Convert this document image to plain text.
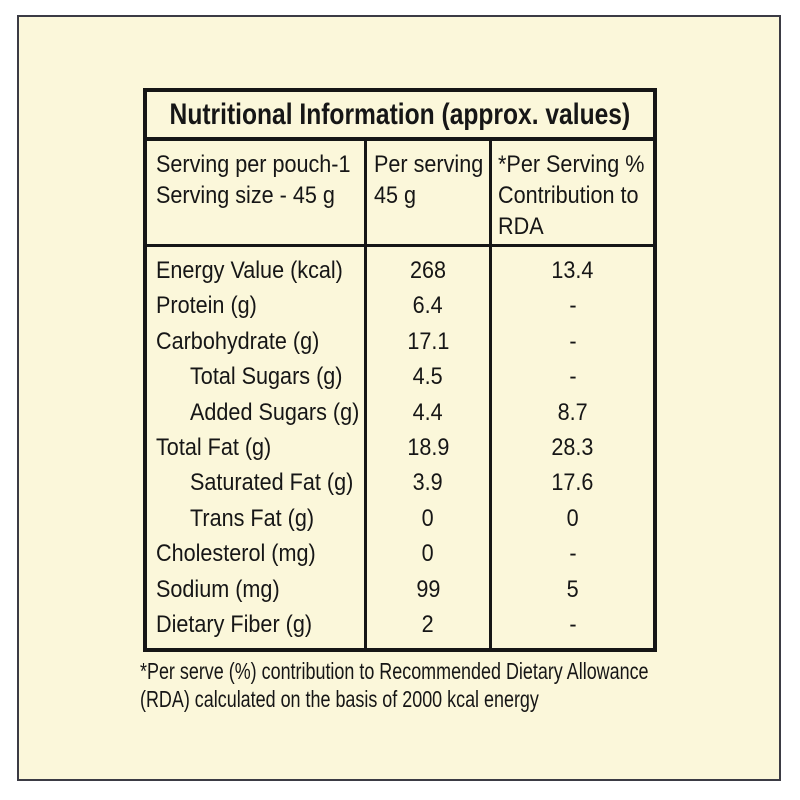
Nutritional Information (approx. values)
Serving per pouch-1
Serving size - 45 g
Per serving
45 g
*Per Serving %
Contribution to
RDA
Energy Value (kcal)
Protein (g)
Carbohydrate (g)
Total Sugars (g)
Added Sugars (g)
Total Fat (g)
Saturated Fat (g)
Trans Fat (g)
Cholesterol (mg)
Sodium (mg)
Dietary Fiber (g)
268
6.4
17.1
4.5
4.4
18.9
3.9
0
0
99
2
13.4
-
-
-
8.7
28.3
17.6
0
-
5
-
*Per serve (%) contribution to Recommended Dietary Allowance
(RDA) calculated on the basis of 2000 kcal energy
